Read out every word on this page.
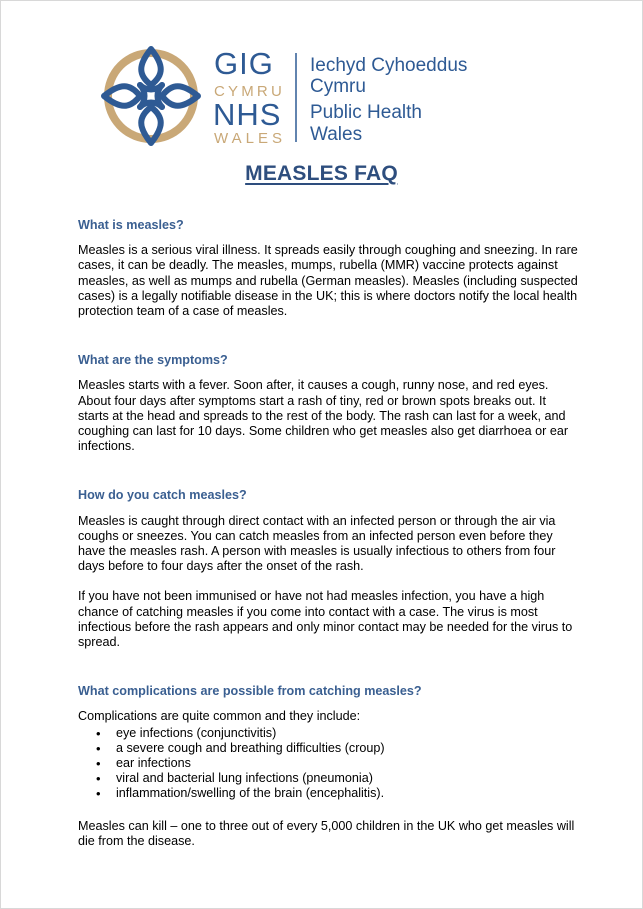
GIG
CYMRU
NHS
WALES
Iechyd Cyhoeddus
Cymru
Public Health
Wales
MEASLES FAQ
What is measles?

Measles is a serious viral illness. It spreads easily through coughing and sneezing. In rare cases, it can be deadly. The measles, mumps, rubella (MMR) vaccine protects against measles, as well as mumps and rubella (German measles). Measles (including suspected cases) is a legally notifiable disease in the UK; this is where doctors notify the local health protection team of a case of measles.

What are the symptoms?

Measles starts with a fever. Soon after, it causes a cough, runny nose, and red eyes. About four days after symptoms start a rash of tiny, red or brown spots breaks out. It starts at the head and spreads to the rest of the body. The rash can last for a week, and coughing can last for 10 days. Some children who get measles also get diarrhoea or ear infections.

How do you catch measles?

Measles is caught through direct contact with an infected person or through the air via coughs or sneezes. You can catch measles from an infected person even before they have the measles rash. A person with measles is usually infectious to others from four days before to four days after the onset of the rash.

If you have not been immunised or have not had measles infection, you have a high chance of catching measles if you come into contact with a case. The virus is most infectious before the rash appears and only minor contact may be needed for the virus to spread.

What complications are possible from catching measles?

Complications are quite common and they include:

• eye infections (conjunctivitis)
• a severe cough and breathing difficulties (croup)
• ear infections
• viral and bacterial lung infections (pneumonia)
• inflammation/swelling of the brain (encephalitis).

Measles can kill – one to three out of every 5,000 children in the UK who get measles will die from the disease.
